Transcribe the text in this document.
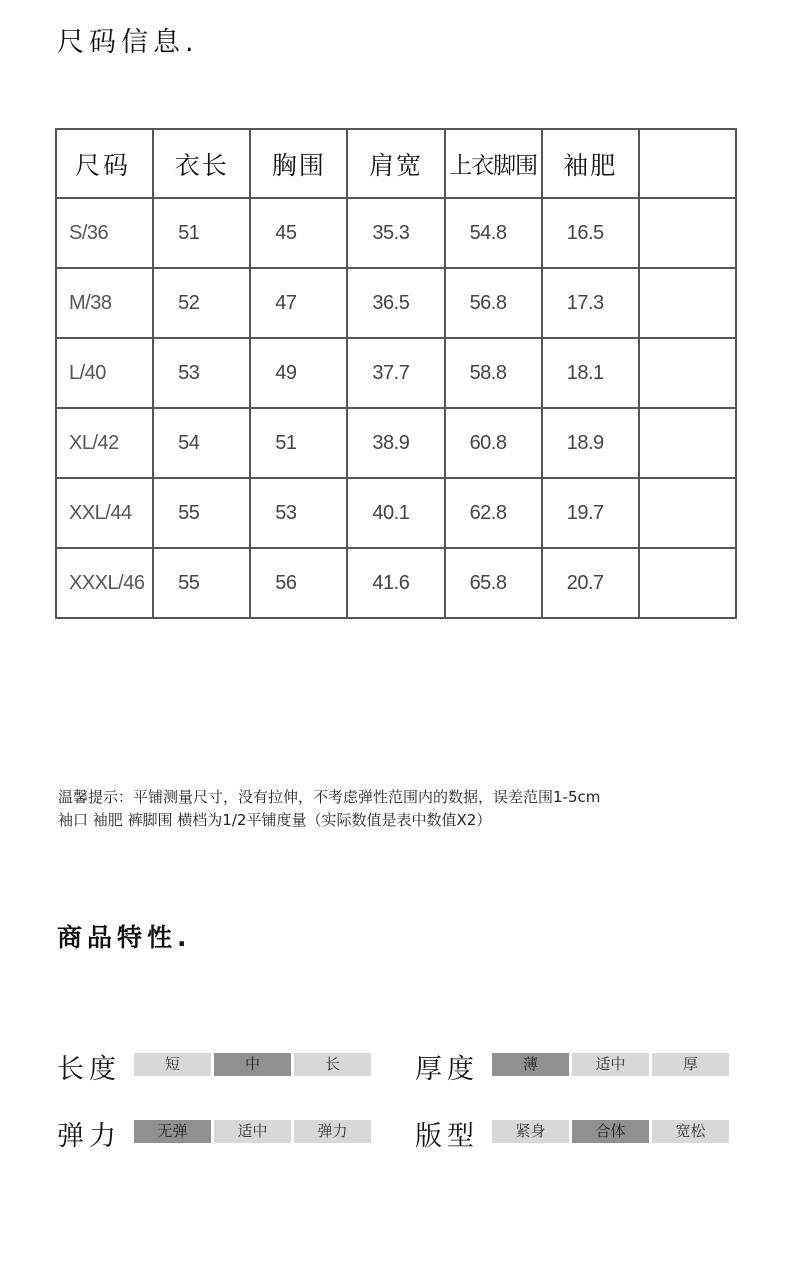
尺码信息.
尺码	衣长	胸围	肩宽	上衣脚围	袖肥	
S/36	51	45	35.3	54.8	16.5	
M/38	52	47	36.5	56.8	17.3	
L/40	53	49	37.7	58.8	18.1	
XL/42	54	51	38.9	60.8	18.9	
XXL/44	55	53	40.1	62.8	19.7	
XXXL/46	55	56	41.6	65.8	20.7	

温馨提示：平铺测量尺寸，没有拉伸，不考虑弹性范围内的数据，误差范围1-5cm

袖口 袖肥 裤脚围 横档为1/2平铺度量（实际数值是表中数值X2）

商品特性.
长度	短	中	长	厚度	薄	适中	厚
弹力	无弹	适中	弹力	版型	紧身	合体	宽松
